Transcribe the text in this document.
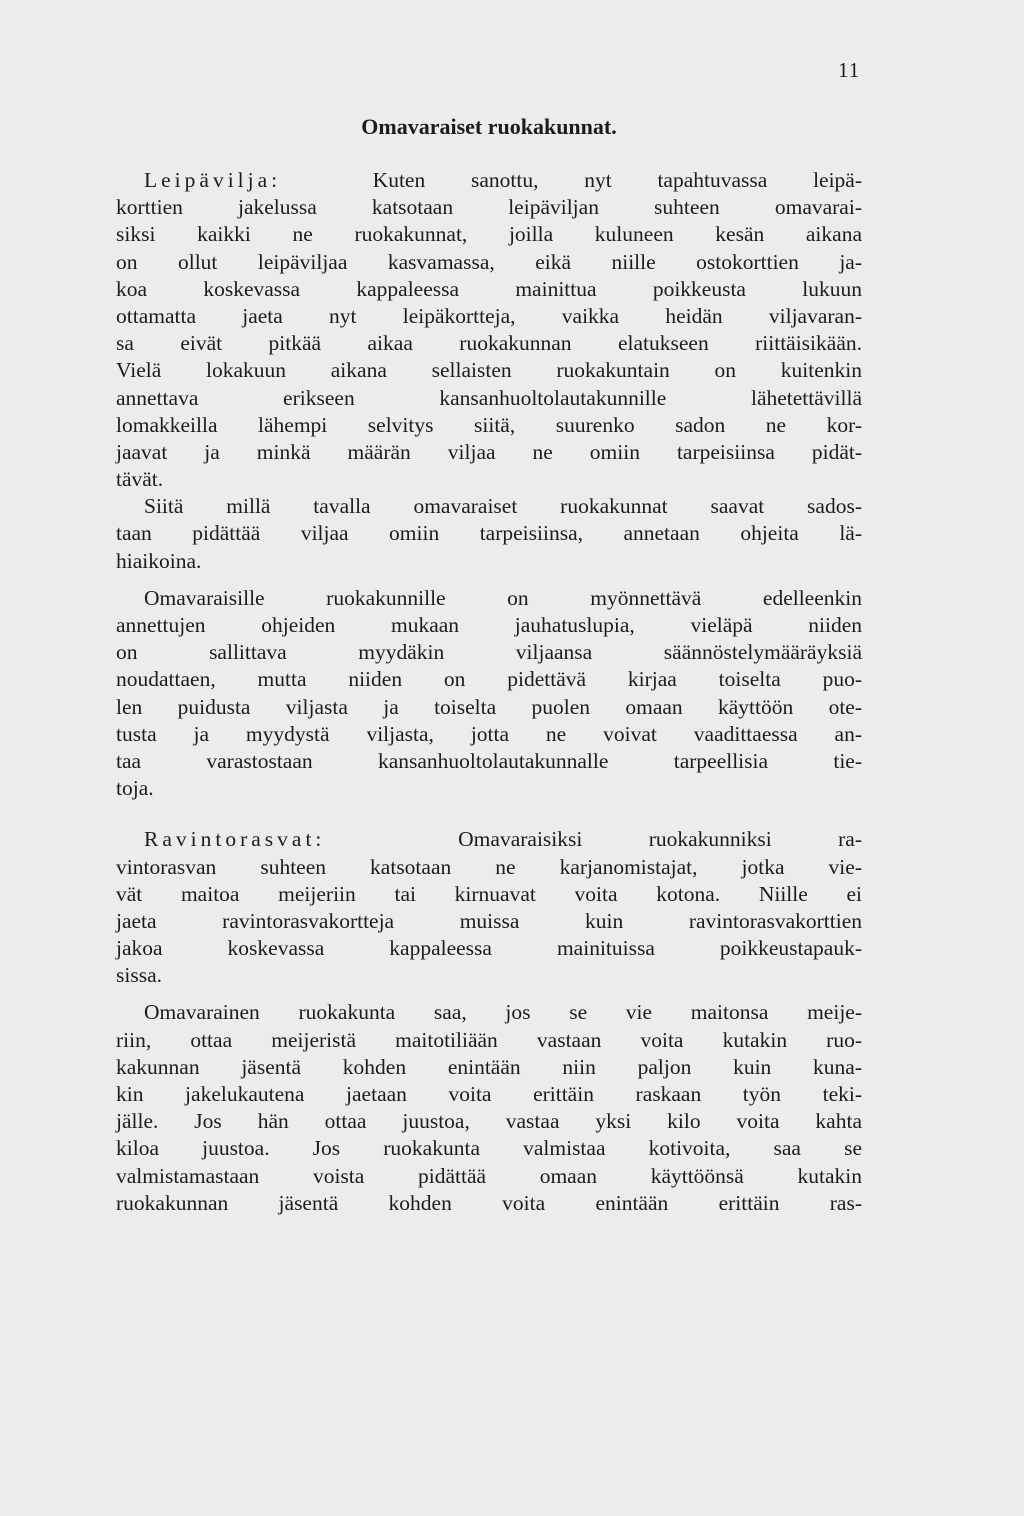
11
Omavaraiset ruokakunnat.
Leipävilja:	Kuten sanottu, nyt tapahtuvassa leipä-
korttien jakelussa katsotaan leipäviljan suhteen omavarai-
siksi kaikki ne ruokakunnat, joilla kuluneen kesän aikana
on ollut leipäviljaa kasvamassa, eikä niille ostokorttien ja-
koa koskevassa kappaleessa mainittua poikkeusta lukuun
ottamatta jaeta nyt leipäkortteja, vaikka heidän viljavaran-
sa eivät pitkää aikaa ruokakunnan elatukseen riittäisikään.
Vielä lokakuun aikana sellaisten ruokakuntain on kuitenkin
annettava erikseen kansanhuoltolautakunnille lähetettävillä
lomakkeilla lähempi selvitys siitä, suurenko sadon ne kor-
jaavat ja minkä määrän viljaa ne omiin tarpeisiinsa pidät-
tävät.
Siitä millä tavalla omavaraiset ruokakunnat saavat sados-
taan pidättää viljaa omiin tarpeisiinsa, annetaan ohjeita lä-
hiaikoina.
Omavaraisille ruokakunnille on myönnettävä edelleenkin
annettujen ohjeiden mukaan jauhatuslupia, vieläpä niiden
on sallittava myydäkin viljaansa säännöstelymääräyksiä
noudattaen, mutta niiden on pidettävä kirjaa toiselta puo-
len puidusta viljasta ja toiselta puolen omaan käyttöön ote-
tusta ja myydystä viljasta, jotta ne voivat vaadittaessa an-
taa varastostaan kansanhuoltolautakunnalle tarpeellisia tie-
toja.
Ravintorasvat:	Omavaraisiksi ruokakunniksi ra-
vintorasvan suhteen katsotaan ne karjanomistajat, jotka vie-
vät maitoa meijeriin tai kirnuavat voita kotona. Niille ei
jaeta ravintorasvakortteja muissa kuin ravintorasvakorttien
jakoa koskevassa kappaleessa mainituissa poikkeustapauk-
sissa.
Omavarainen ruokakunta saa, jos se vie maitonsa meije-
riin, ottaa meijeristä maitotiliään vastaan voita kutakin ruo-
kakunnan jäsentä kohden enintään niin paljon kuin kuna-
kin jakelukautena jaetaan voita erittäin raskaan työn teki-
jälle. Jos hän ottaa juustoa, vastaa yksi kilo voita kahta
kiloa juustoa. Jos ruokakunta valmistaa kotivoita, saa se
valmistamastaan voista pidättää omaan käyttöönsä kutakin
ruokakunnan jäsentä kohden voita enintään erittäin ras-
